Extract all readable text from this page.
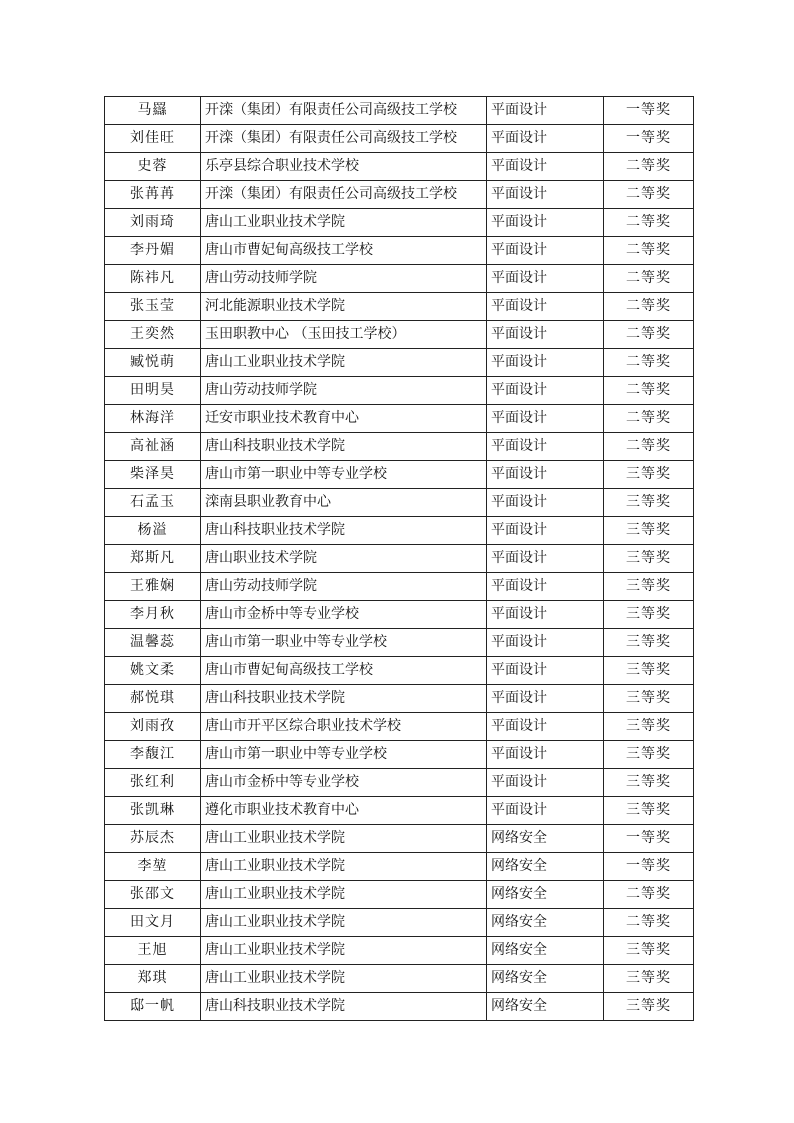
马羉	开滦（集团）有限责任公司高级技工学校	平面设计	一等奖
刘佳旺	开滦（集团）有限责任公司高级技工学校	平面设计	一等奖
史蓉	乐亭县综合职业技术学校	平面设计	二等奖
张苒苒	开滦（集团）有限责任公司高级技工学校	平面设计	二等奖
刘雨琦	唐山工业职业技术学院	平面设计	二等奖
李丹媚	唐山市曹妃甸高级技工学校	平面设计	二等奖
陈祎凡	唐山劳动技师学院	平面设计	二等奖
张玉莹	河北能源职业技术学院	平面设计	二等奖
王奕然	玉田职教中心 （玉田技工学校）	平面设计	二等奖
臧悦萌	唐山工业职业技术学院	平面设计	二等奖
田明昊	唐山劳动技师学院	平面设计	二等奖
林海洋	迁安市职业技术教育中心	平面设计	二等奖
高祉涵	唐山科技职业技术学院	平面设计	二等奖
柴泽昊	唐山市第一职业中等专业学校	平面设计	三等奖
石孟玉	滦南县职业教育中心	平面设计	三等奖
杨溢	唐山科技职业技术学院	平面设计	三等奖
郑斯凡	唐山职业技术学院	平面设计	三等奖
王雅娴	唐山劳动技师学院	平面设计	三等奖
李月秋	唐山市金桥中等专业学校	平面设计	三等奖
温馨蕊	唐山市第一职业中等专业学校	平面设计	三等奖
姚文柔	唐山市曹妃甸高级技工学校	平面设计	三等奖
郝悦琪	唐山科技职业技术学院	平面设计	三等奖
刘雨孜	唐山市开平区综合职业技术学校	平面设计	三等奖
李馥江	唐山市第一职业中等专业学校	平面设计	三等奖
张红利	唐山市金桥中等专业学校	平面设计	三等奖
张凯琳	遵化市职业技术教育中心	平面设计	三等奖
苏辰杰	唐山工业职业技术学院	网络安全	一等奖
李堃	唐山工业职业技术学院	网络安全	一等奖
张邵文	唐山工业职业技术学院	网络安全	二等奖
田文月	唐山工业职业技术学院	网络安全	二等奖
王旭	唐山工业职业技术学院	网络安全	三等奖
郑琪	唐山工业职业技术学院	网络安全	三等奖
邸一帆	唐山科技职业技术学院	网络安全	三等奖
